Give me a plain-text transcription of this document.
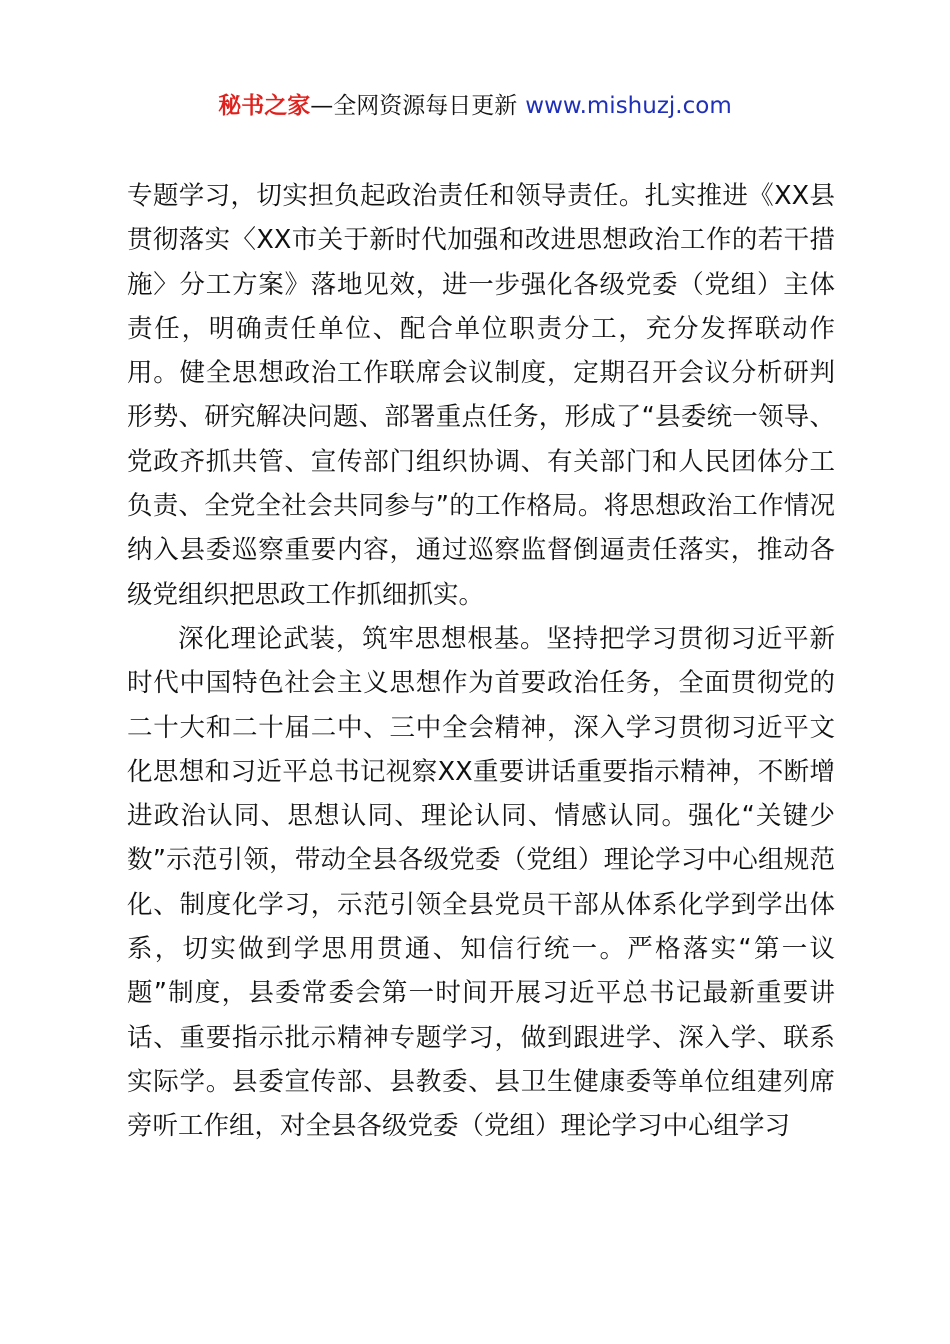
秘书之家 —全网资源每日更新 www.mishuzj.com

专题学习，切实担负起政治责任和领导责任。扎实推进《XX县贯彻落实〈XX市关于新时代加强和改进思想政治工作的若干措施〉分工方案》落地见效，进一步强化各级党委（党组）主体责任，明确责任单位、配合单位职责分工，充分发挥联动作用。健全思想政治工作联席会议制度，定期召开会议分析研判形势、研究解决问题、部署重点任务，形成了“县委统一领导、党政齐抓共管、宣传部门组织协调、有关部门和人民团体分工负责、全党全社会共同参与”的工作格局。将思想政治工作情况纳入县委巡察重要内容，通过巡察监督倒逼责任落实，推动各级党组织把思政工作抓细抓实。

深化理论武装，筑牢思想根基。坚持把学习贯彻习近平新时代中国特色社会主义思想作为首要政治任务，全面贯彻党的二十大和二十届二中、三中全会精神，深入学习贯彻习近平文化思想和习近平总书记视察XX重要讲话重要指示精神，不断增进政治认同、思想认同、理论认同、情感认同。强化“关键少数”示范引领，带动全县各级党委（党组）理论学习中心组规范化、制度化学习，示范引领全县党员干部从体系化学到学出体系，切实做到学思用贯通、知信行统一。严格落实“第一议题”制度，县委常委会第一时间开展习近平总书记最新重要讲话、重要指示批示精神专题学习，做到跟进学、深入学、联系实际学。县委宣传部、县教委、县卫生健康委等单位组建列席旁听工作组，对全县各级党委（党组）理论学习中心组学习
